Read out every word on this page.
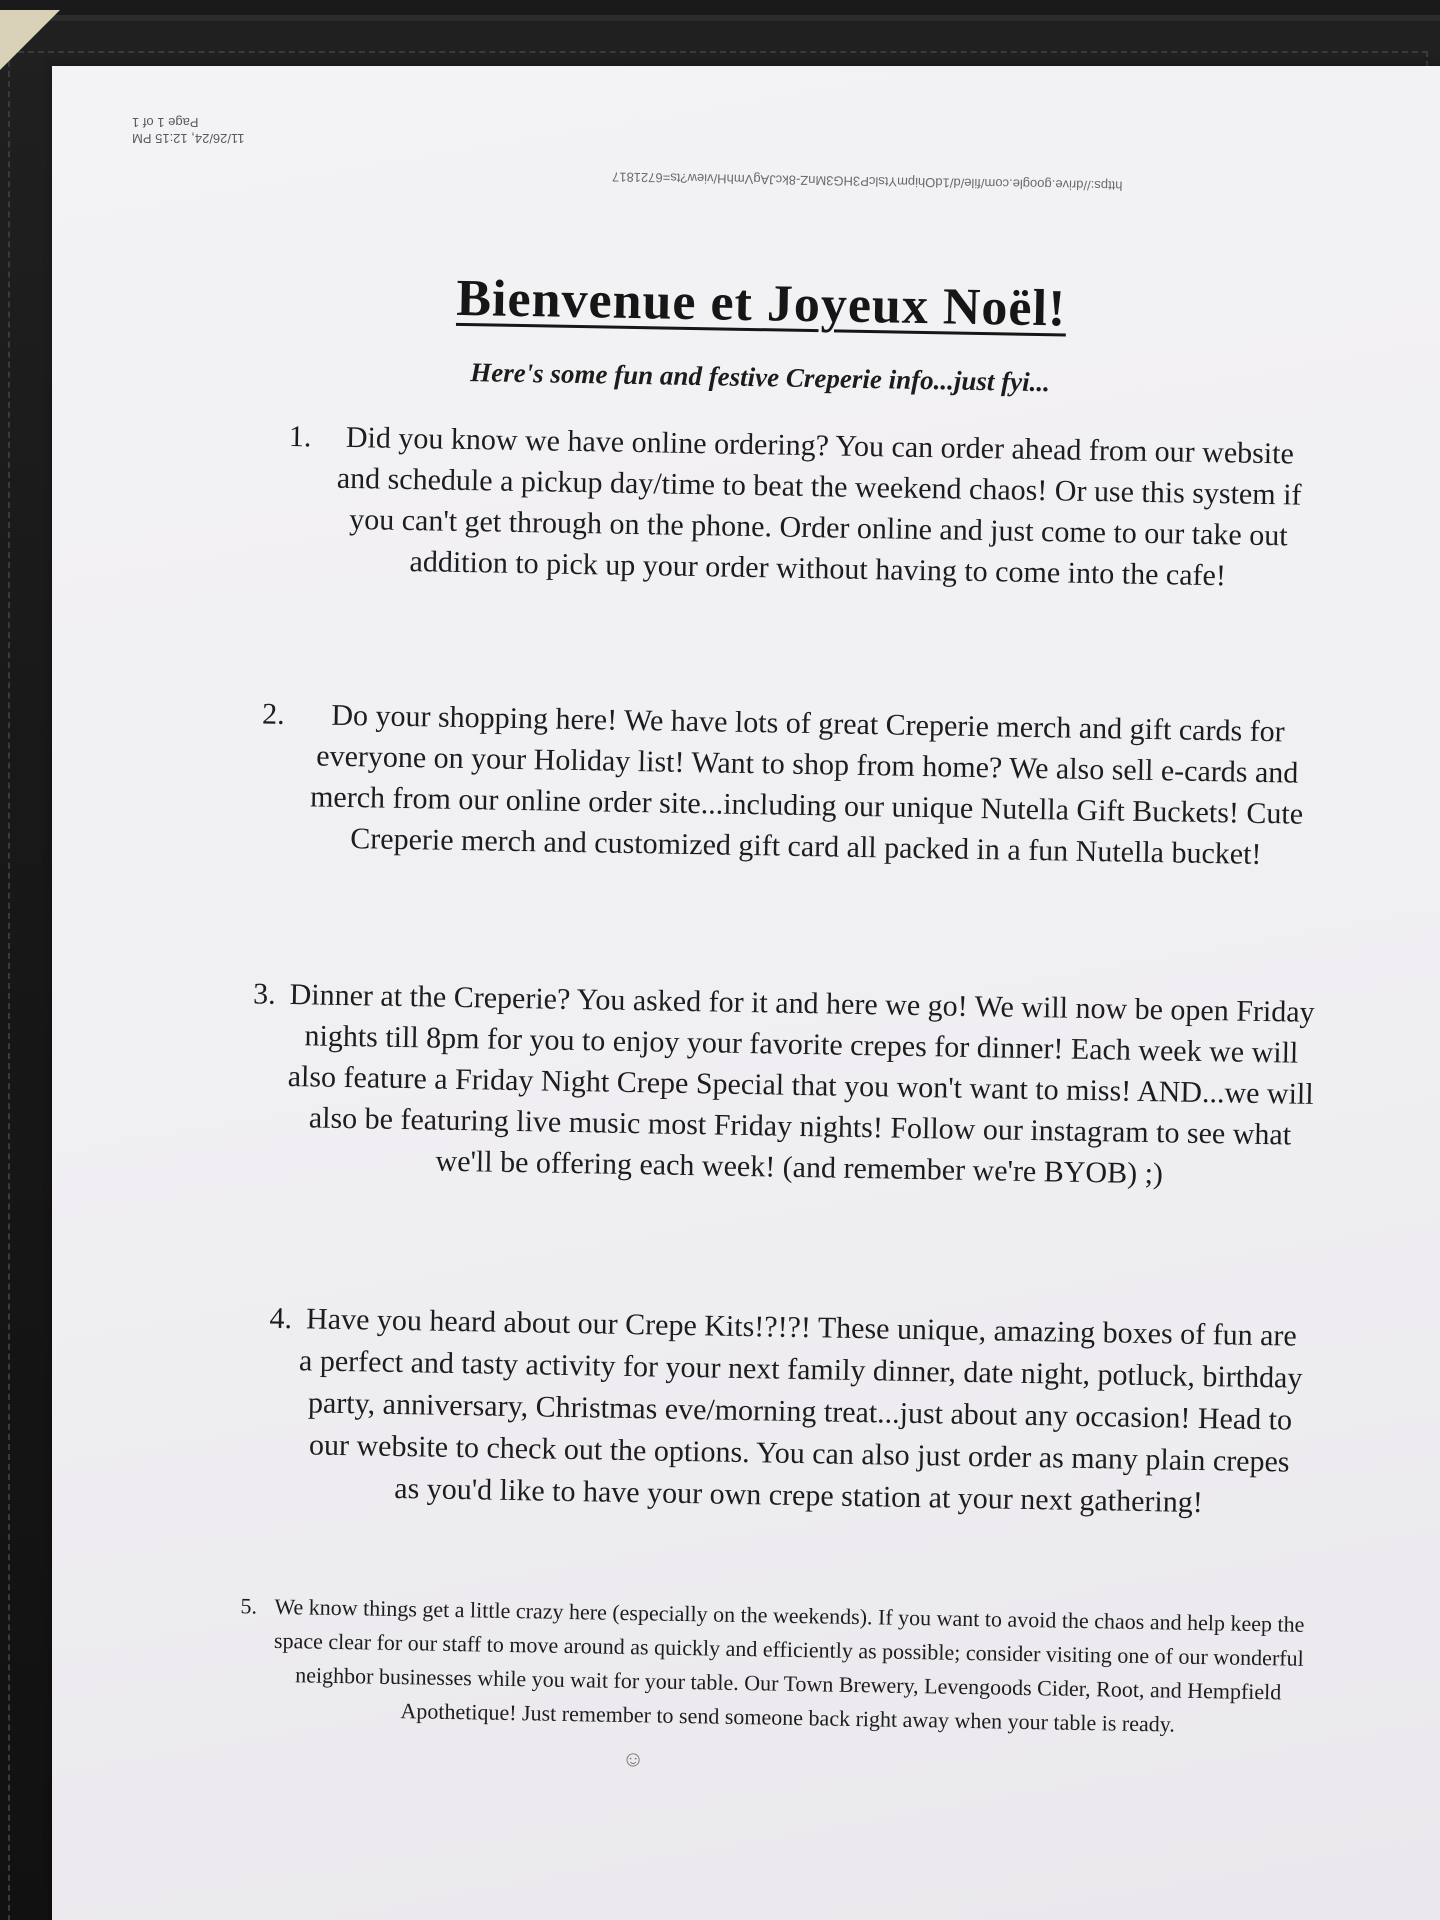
11/26/24, 12:15 PM
Page 1 of 1
https://drive.google.com/file/d/1dOhipmYtslcP3HG3MnZ-8kcJAgVmhH/view?ts=6721817
Bienvenue et Joyeux Noël!
Here's some fun and festive Creperie info...just fyi...
1.	Did you know we have online ordering? You can order ahead from our website and schedule a pickup day/time to beat the weekend chaos! Or use this system if you can't get through on the phone. Order online and just come to our take out addition to pick up your order without having to come into the cafe!
2.	Do your shopping here! We have lots of great Creperie merch and gift cards for everyone on your Holiday list! Want to shop from home? We also sell e-cards and merch from our online order site...including our unique Nutella Gift Buckets! Cute Creperie merch and customized gift card all packed in a fun Nutella bucket!
3. Dinner at the Creperie? You asked for it and here we go! We will now be open Friday nights till 8pm for you to enjoy your favorite crepes for dinner! Each week we will also feature a Friday Night Crepe Special that you won't want to miss! AND...we will also be featuring live music most Friday nights! Follow our instagram to see what we'll be offering each week! (and remember we're BYOB) ;)
4. Have you heard about our Crepe Kits!?!?! These unique, amazing boxes of fun are a perfect and tasty activity for your next family dinner, date night, potluck, birthday party, anniversary, Christmas eve/morning treat...just about any occasion! Head to our website to check out the options. You can also just order as many plain crepes as you'd like to have your own crepe station at your next gathering!
5. We know things get a little crazy here (especially on the weekends). If you want to avoid the chaos and help keep the space clear for our staff to move around as quickly and efficiently as possible; consider visiting one of our wonderful neighbor businesses while you wait for your table. Our Town Brewery, Levengoods Cider, Root, and Hempfield Apothetique! Just remember to send someone back right away when your table is ready.
☺
